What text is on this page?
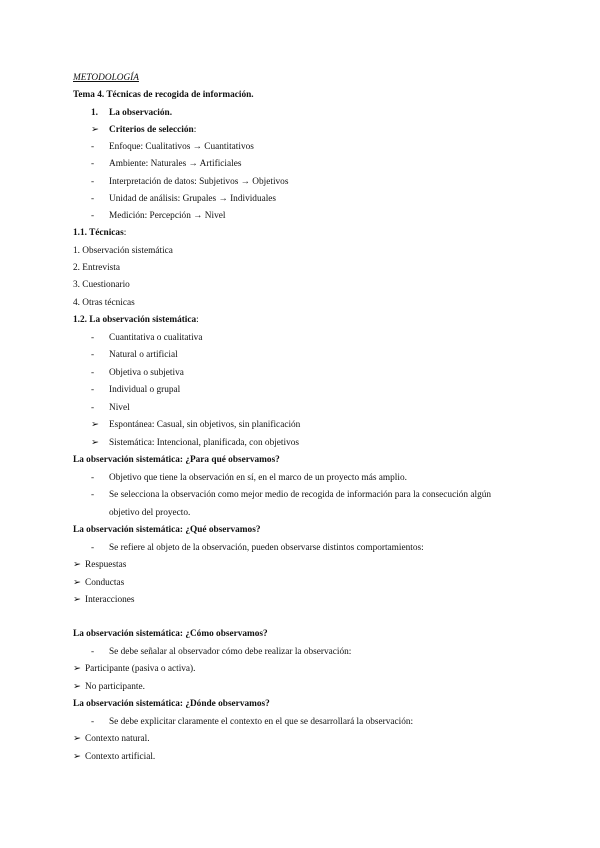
METODOLOGÍA
Tema 4. Técnicas de recogida de información.
1. La observación.
➢ Criterios de selección:
- Enfoque: Cualitativos → Cuantitativos
- Ambiente: Naturales → Artificiales
- Interpretación de datos: Subjetivos → Objetivos
- Unidad de análisis: Grupales → Individuales
- Medición: Percepción → Nivel
1.1. Técnicas:
1. Observación sistemática
2. Entrevista
3. Cuestionario
4. Otras técnicas
1.2. La observación sistemática:
- Cuantitativa o cualitativa
- Natural o artificial
- Objetiva o subjetiva
- Individual o grupal
- Nivel
➢ Espontánea: Casual, sin objetivos, sin planificación
➢ Sistemática: Intencional, planificada, con objetivos
La observación sistemática: ¿Para qué observamos?
- Objetivo que tiene la observación en sí, en el marco de un proyecto más amplio.
- Se selecciona la observación como mejor medio de recogida de información para la consecución algún
objetivo del proyecto.
La observación sistemática: ¿Qué observamos?
- Se refiere al objeto de la observación, pueden observarse distintos comportamientos:
➢ Respuestas
➢ Conductas
➢ Interacciones
La observación sistemática: ¿Cómo observamos?
- Se debe señalar al observador cómo debe realizar la observación:
➢ Participante (pasiva o activa).
➢ No participante.
La observación sistemática: ¿Dónde observamos?
- Se debe explicitar claramente el contexto en el que se desarrollará la observación:
➢ Contexto natural.
➢ Contexto artificial.
